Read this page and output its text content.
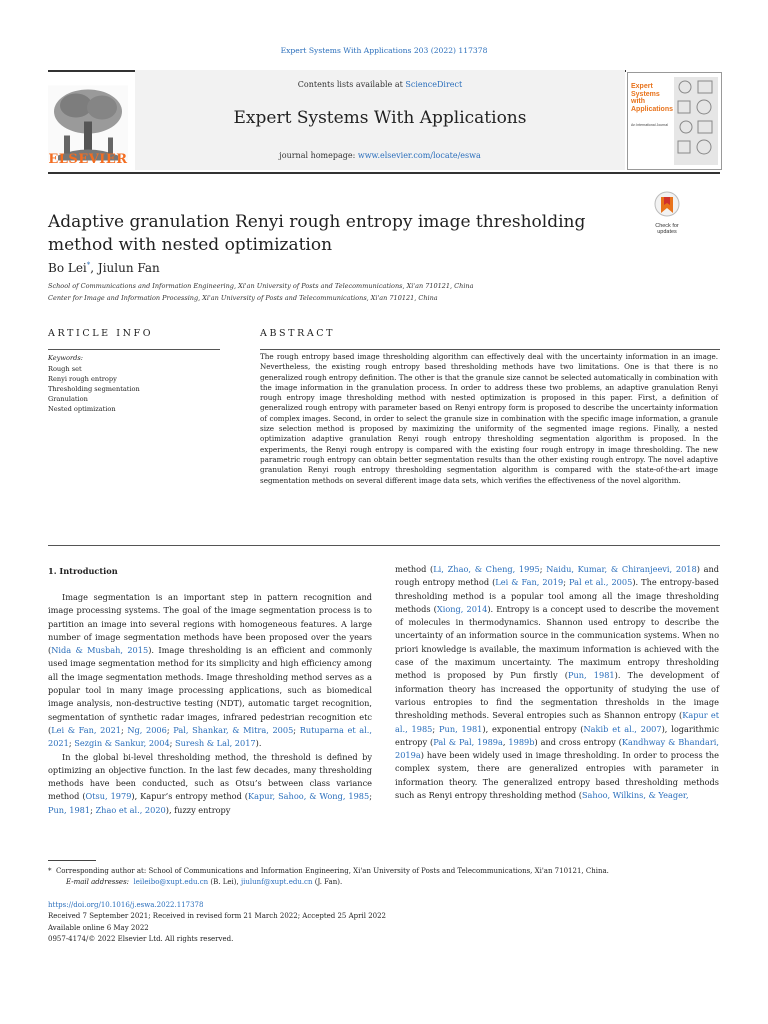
Expert Systems With Applications 203 (2022) 117378
Contents lists available at ScienceDirect
Expert Systems With Applications
journal homepage: www.elsevier.com/locate/eswa
ELSEVIER
Expert Systems with Applications
An International Journal
Adaptive granulation Renyi rough entropy image thresholding method with nested optimization
Check for updates
Bo Lei*, Jiulun Fan
School of Communications and Information Engineering, Xi'an University of Posts and Telecommunications, Xi'an 710121, China
Center for Image and Information Processing, Xi'an University of Posts and Telecommunications, Xi'an 710121, China
ARTICLE INFO
Keywords:
Rough set
Renyi rough entropy
Thresholding segmentation
Granulation
Nested optimization
ABSTRACT
The rough entropy based image thresholding algorithm can effectively deal with the uncertainty information in an image. Nevertheless, the existing rough entropy based thresholding methods have two limitations. One is that there is no generalized rough entropy definition. The other is that the granule size cannot be selected automatically in combination with the image information in the granulation process. In order to address these two problems, an adaptive granulation Renyi rough entropy image thresholding method with nested optimization is proposed in this paper. First, a definition of generalized rough entropy with parameter based on Renyi entropy form is proposed to describe the uncertainty information of complex images. Second, in order to select the granule size in combination with the specific image information, a granule size selection method is proposed by maximizing the uniformity of the segmented image regions. Finally, a nested optimization adaptive granulation Renyi rough entropy thresholding segmentation algorithm is proposed. In the experiments, the Renyi rough entropy is compared with the existing four rough entropy in image thresholding. The new parametric rough entropy can obtain better segmentation results than the other existing rough entropy. The novel adaptive granulation Renyi rough entropy thresholding segmentation algorithm is compared with the state-of-the-art image segmentation methods on several different image data sets, which verifies the effectiveness of the novel algorithm.
1. Introduction

Image segmentation is an important step in pattern recognition and image processing systems. The goal of the image segmentation process is to partition an image into several regions with homogeneous features. A large number of image segmentation methods have been proposed over the years (Nida & Musbah, 2015). Image thresholding is an efficient and commonly used image segmentation method for its simplicity and high efficiency among all the image segmentation methods. Image thresholding method serves as a popular tool in many image processing applications, such as biomedical image analysis, non-destructive testing (NDT), automatic target recognition, segmentation of synthetic radar images, infrared pedestrian recognition etc (Lei & Fan, 2021; Ng, 2006; Pal, Shankar, & Mitra, 2005; Rutuparna et al., 2021; Sezgin & Sankur, 2004; Suresh & Lal, 2017).

In the global bi-level thresholding method, the threshold is defined by optimizing an objective function. In the last few decades, many thresholding methods have been conducted, such as Otsu’s between class variance method (Otsu, 1979), Kapur’s entropy method (Kapur, Sahoo, & Wong, 1985; Pun, 1981; Zhao et al., 2020), fuzzy entropy

method (Li, Zhao, & Cheng, 1995; Naidu, Kumar, & Chiranjeevi, 2018) and rough entropy method (Lei & Fan, 2019; Pal et al., 2005). The entropy-based thresholding method is a popular tool among all the image thresholding methods (Xiong, 2014). Entropy is a concept used to describe the movement of molecules in thermodynamics. Shannon used entropy to describe the uncertainty of an information source in the communication systems. When no priori knowledge is available, the maximum information is achieved with the case of the maximum uncertainty. The maximum entropy thresholding method is proposed by Pun firstly (Pun, 1981). The development of information theory has increased the opportunity of studying the use of various entropies to find the segmentation thresholds in the image thresholding methods. Several entropies such as Shannon entropy (Kapur et al., 1985; Pun, 1981), exponential entropy (Nakib et al., 2007), logarithmic entropy (Pal & Pal, 1989a, 1989b) and cross entropy (Kandhway & Bhandari, 2019a) have been widely used in image thresholding. In order to process the complex system, there are generalized entropies with parameter in information theory. The generalized entropy based thresholding methods such as Renyi entropy thresholding method (Sahoo, Wilkins, & Yeager,

* Corresponding author at: School of Communications and Information Engineering, Xi'an University of Posts and Telecommunications, Xi'an 710121, China.
E-mail addresses: leileibo@xupt.edu.cn (B. Lei), jiulunf@xupt.edu.cn (J. Fan).
https://doi.org/10.1016/j.eswa.2022.117378
Received 7 September 2021; Received in revised form 21 March 2022; Accepted 25 April 2022
Available online 6 May 2022
0957-4174/© 2022 Elsevier Ltd. All rights reserved.
